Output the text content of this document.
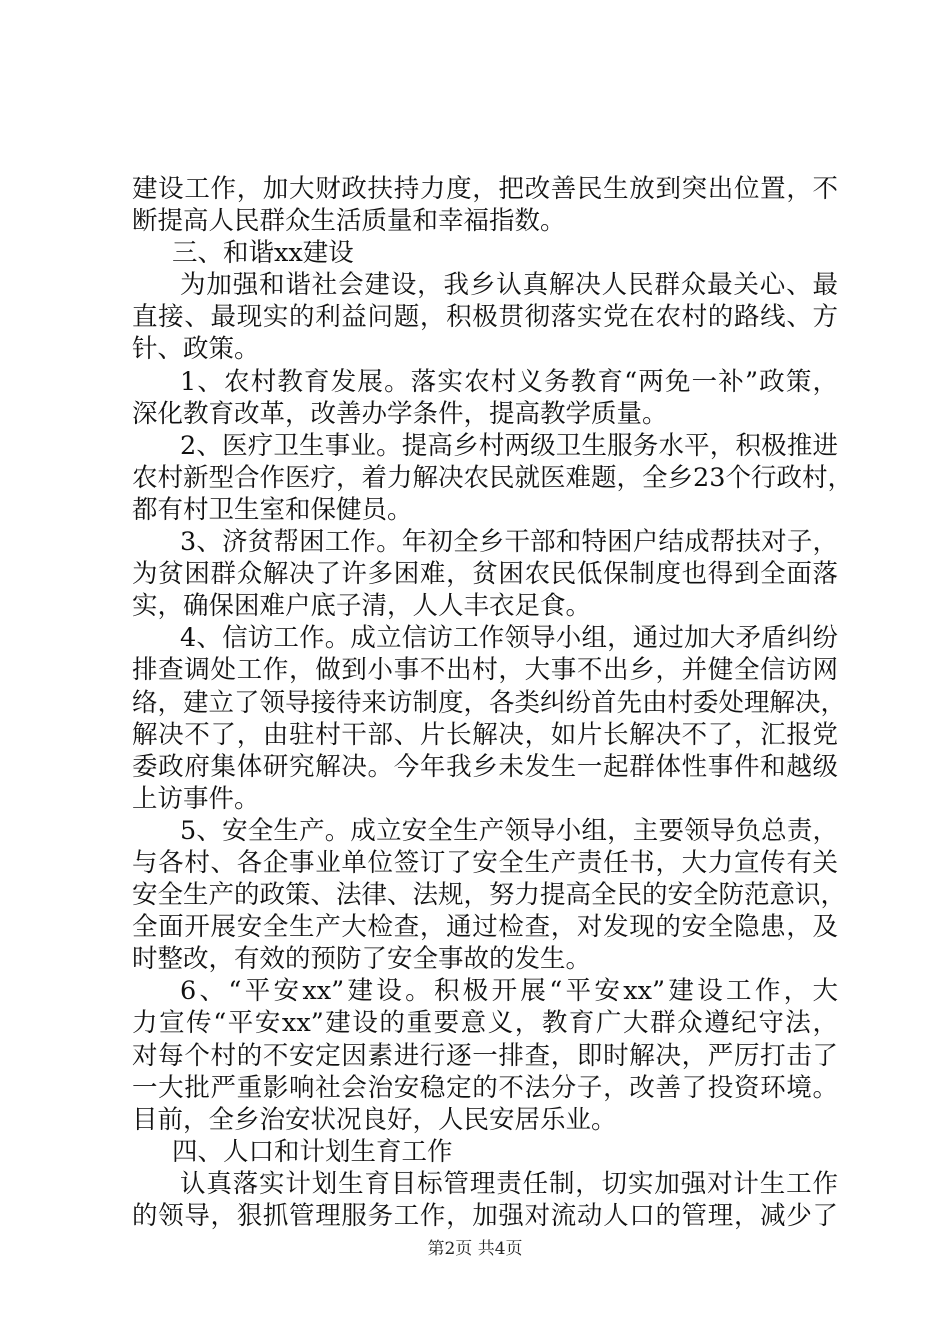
建设工作，加大财政扶持力度，把改善民生放到突出位置，不
断提高人民群众生活质量和幸福指数。
三、和谐xx建设
为加强和谐社会建设，我乡认真解决人民群众最关心、最
直接、最现实的利益问题，积极贯彻落实党在农村的路线、方
针、政策。
1、农村教育发展。落实农村义务教育“两免一补”政策，
深化教育改革，改善办学条件，提高教学质量。
2、医疗卫生事业。提高乡村两级卫生服务水平，积极推进
农村新型合作医疗，着力解决农民就医难题，全乡23个行政村，
都有村卫生室和保健员。
3、济贫帮困工作。年初全乡干部和特困户结成帮扶对子，
为贫困群众解决了许多困难，贫困农民低保制度也得到全面落
实，确保困难户底子清，人人丰衣足食。
4、信访工作。成立信访工作领导小组，通过加大矛盾纠纷
排查调处工作，做到小事不出村，大事不出乡，并健全信访网
络，建立了领导接待来访制度，各类纠纷首先由村委处理解决，
解决不了，由驻村干部、片长解决，如片长解决不了，汇报党
委政府集体研究解决。今年我乡未发生一起群体性事件和越级
上访事件。
5、安全生产。成立安全生产领导小组，主要领导负总责，
与各村、各企事业单位签订了安全生产责任书，大力宣传有关
安全生产的政策、法律、法规，努力提高全民的安全防范意识，
全面开展安全生产大检查，通过检查，对发现的安全隐患，及
时整改，有效的预防了安全事故的发生。
6、“平安xx”建设。积极开展“平安xx”建设工作，大
力宣传“平安xx”建设的重要意义，教育广大群众遵纪守法，
对每个村的不安定因素进行逐一排查，即时解决，严厉打击了
一大批严重影响社会治安稳定的不法分子，改善了投资环境。
目前，全乡治安状况良好，人民安居乐业。
四、人口和计划生育工作
认真落实计划生育目标管理责任制，切实加强对计生工作
的领导，狠抓管理服务工作，加强对流动人口的管理，减少了
第2页 共4页
